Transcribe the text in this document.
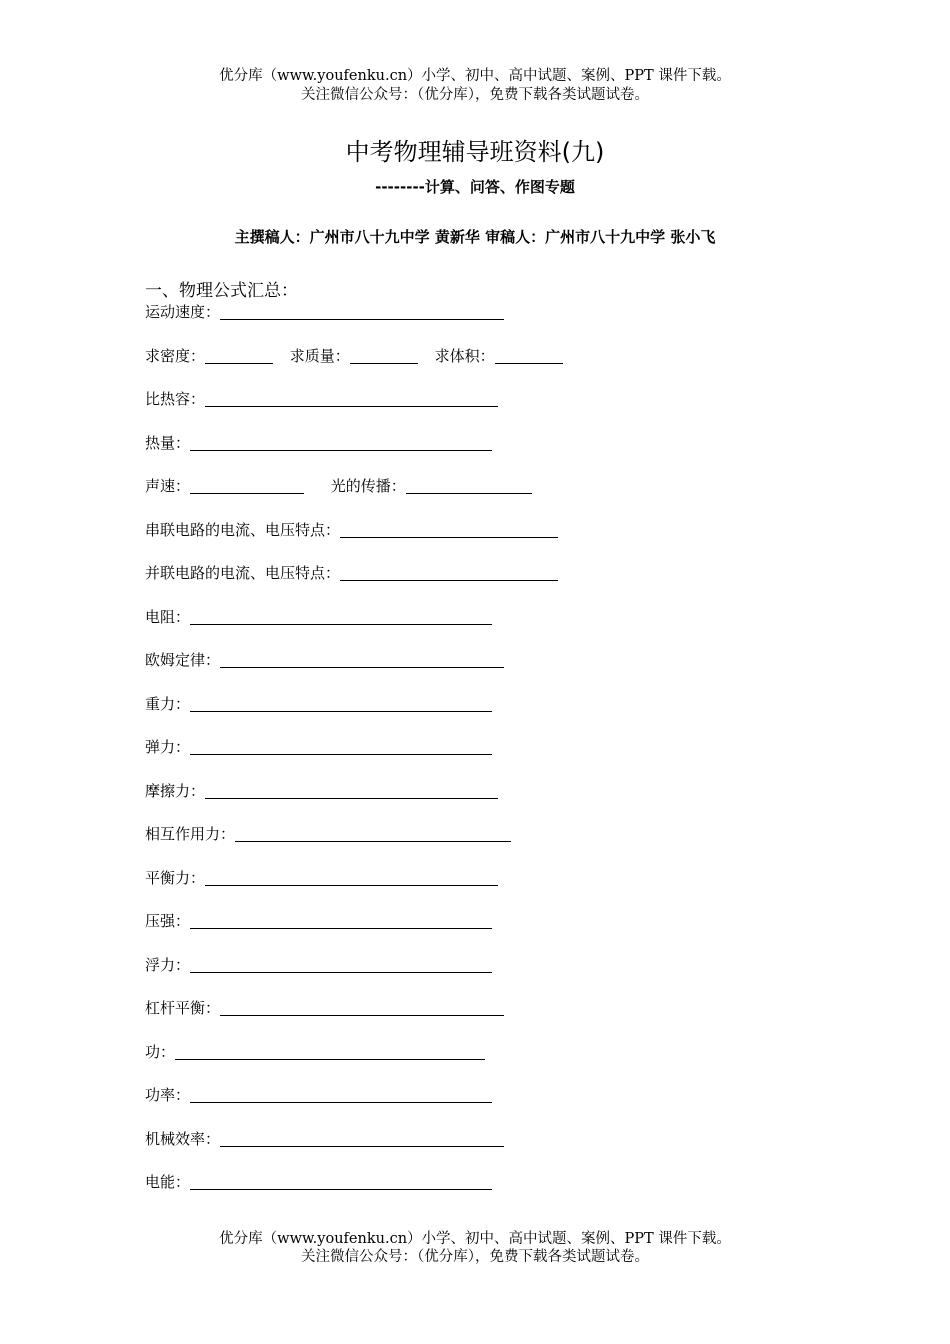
优分库（www.youfenku.cn）小学、初中、高中试题、案例、PPT 课件下载。
关注微信公众号：（优分库），免费下载各类试题试卷。
中考物理辅导班资料(九)
--------计算、问答、作图专题
主撰稿人：广州市八十九中学 黄新华 审稿人：广州市八十九中学 张小飞
一、物理公式汇总：
运动速度：
求密度：	求质量：	求体积：
比热容：
热量：
声速：	光的传播：
串联电路的电流、电压特点：
并联电路的电流、电压特点：
电阻：
欧姆定律：
重力：
弹力：
摩擦力：
相互作用力：
平衡力：
压强：
浮力：
杠杆平衡：
功：
功率：
机械效率：
电能：
优分库（www.youfenku.cn）小学、初中、高中试题、案例、PPT 课件下载。
关注微信公众号：（优分库），免费下载各类试题试卷。
